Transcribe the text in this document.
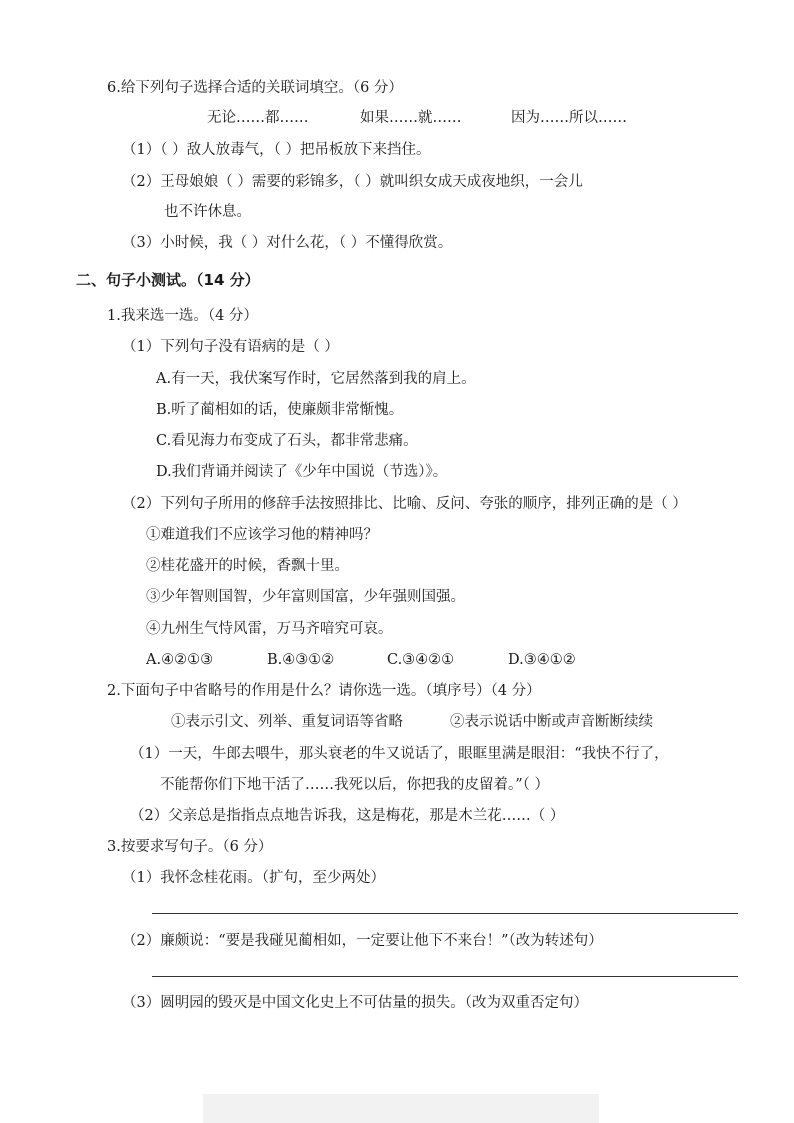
6.给下列句子选择合适的关联词填空。（6 分）
无论……都……	如果……就……	因为……所以……
（1）（ ）敌人放毒气，（ ）把吊板放下来挡住。
（2）王母娘娘（ ）需要的彩锦多，（ ）就叫织女成天成夜地织，一会儿
也不许休息。
（3）小时候，我（ ）对什么花，（ ）不懂得欣赏。
二、句子小测试。（14 分）
1.我来选一选。（4 分）
（1）下列句子没有语病的是（ ）
A.有一天，我伏案写作时，它居然落到我的肩上。
B.听了蔺相如的话，使廉颇非常惭愧。
C.看见海力布变成了石头，都非常悲痛。
D.我们背诵并阅读了《少年中国说（节选）》。
（2）下列句子所用的修辞手法按照排比、比喻、反问、夸张的顺序，排列正确的是（ ）
①难道我们不应该学习他的精神吗？
②桂花盛开的时候，香飘十里。
③少年智则国智，少年富则国富，少年强则国强。
④九州生气恃风雷，万马齐喑究可哀。
A.④②①③	B.④③①②	C.③④②①	D.③④①②
2.下面句子中省略号的作用是什么？请你选一选。（填序号）（4 分）
①表示引文、列举、重复词语等省略	②表示说话中断或声音断断续续
（1）一天，牛郎去喂牛，那头衰老的牛又说话了，眼眶里满是眼泪：“我快不行了，
不能帮你们下地干活了……我死以后，你把我的皮留着。”（ ）
（2）父亲总是指指点点地告诉我，这是梅花，那是木兰花……（ ）
3.按要求写句子。（6 分）
（1）我怀念桂花雨。（扩句，至少两处）
（2）廉颇说：“要是我碰见蔺相如，一定要让他下不来台！”（改为转述句）
（3）圆明园的毁灭是中国文化史上不可估量的损失。（改为双重否定句）
